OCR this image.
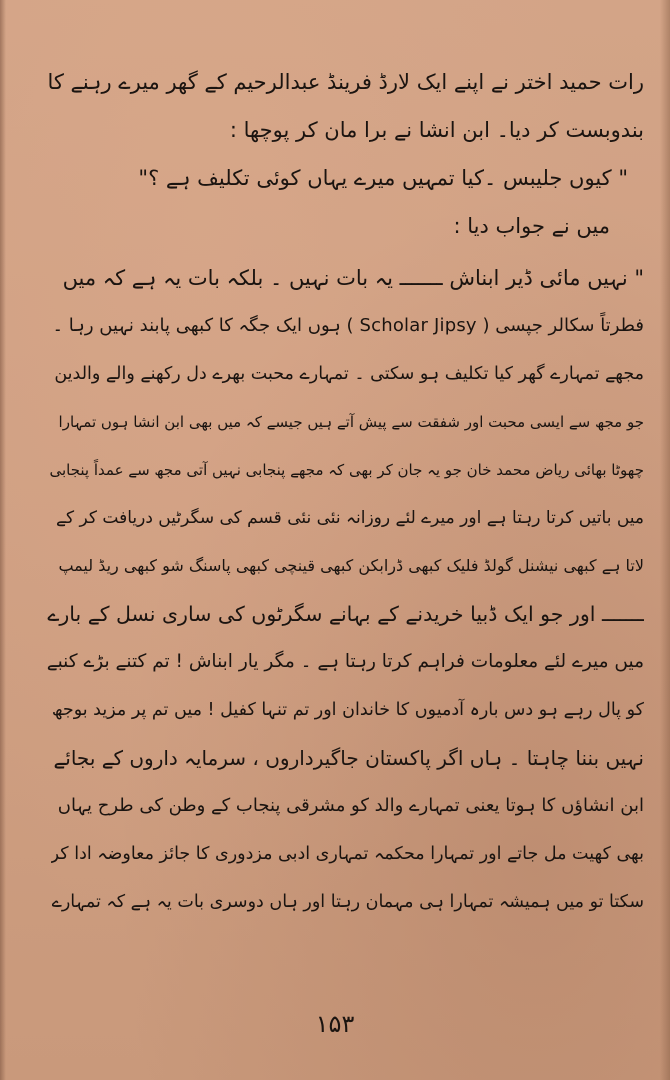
رات حمید اختر نے اپنے ایک لارڈ فرینڈ عبدالرحیم کے گھر میرے رہنے کا
بندوبست کر دیا۔ ابن انشا نے برا مان کر پوچھا :
" کیوں جلیبس ۔کیا تمہیں میرے یہاں کوئی تکلیف ہے ؟"
میں نے جواب دیا :
" نہیں مائی ڈیر ابناش ـــــــ یہ بات نہیں ۔ بلکہ بات یہ ہے کہ میں
فطرتاً سکالر جپسی ( Scholar Jipsy ) ہوں ایک جگہ کا کبھی پابند نہیں رہا ۔
مجھے تمہارے گھر کیا تکلیف ہو سکتی ۔ تمہارے محبت بھرے دل رکھنے والے والدین
جو مجھ سے ایسی محبت اور شفقت سے پیش آتے ہیں جیسے کہ میں بھی ابن انشا ہوں تمہارا
چھوٹا بھائی ریاض محمد خان جو یہ جان کر بھی کہ مجھے پنجابی نہیں آتی مجھ سے عمداً پنجابی
میں باتیں کرتا رہتا ہے اور میرے لئے روزانہ نئی نئی قسم کی سگرٹیں دریافت کر کے
لاتا ہے کبھی نیشنل گولڈ فلیک کبھی ڈرابکن کبھی قینچی کبھی پاسنگ شو کبھی ریڈ لیمپ
ـــــــ اور جو ایک ڈبیا خریدنے کے بہانے سگرٹوں کی ساری نسل کے بارے
میں میرے لئے معلومات فراہم کرتا رہتا ہے ۔ مگر یار ابناش ! تم کتنے بڑے کنبے
کو پال رہے ہو دس بارہ آدمیوں کا خاندان اور تم تنہا کفیل ! میں تم پر مزید بوجھ
نہیں بننا چاہتا ۔ ہاں اگر پاکستان جاگیرداروں ، سرمایہ داروں کے بجائے
ابن انشاؤں کا ہوتا یعنی تمہارے والد کو مشرقی پنجاب کے وطن کی طرح یہاں
بھی کھیت مل جاتے اور تمہارا محکمہ تمہاری ادبی مزدوری کا جائز معاوضہ ادا کر
سکتا تو میں ہمیشہ تمہارا ہی مہمان رہتا اور ہاں دوسری بات یہ ہے کہ تمہارے
۱۵۳
